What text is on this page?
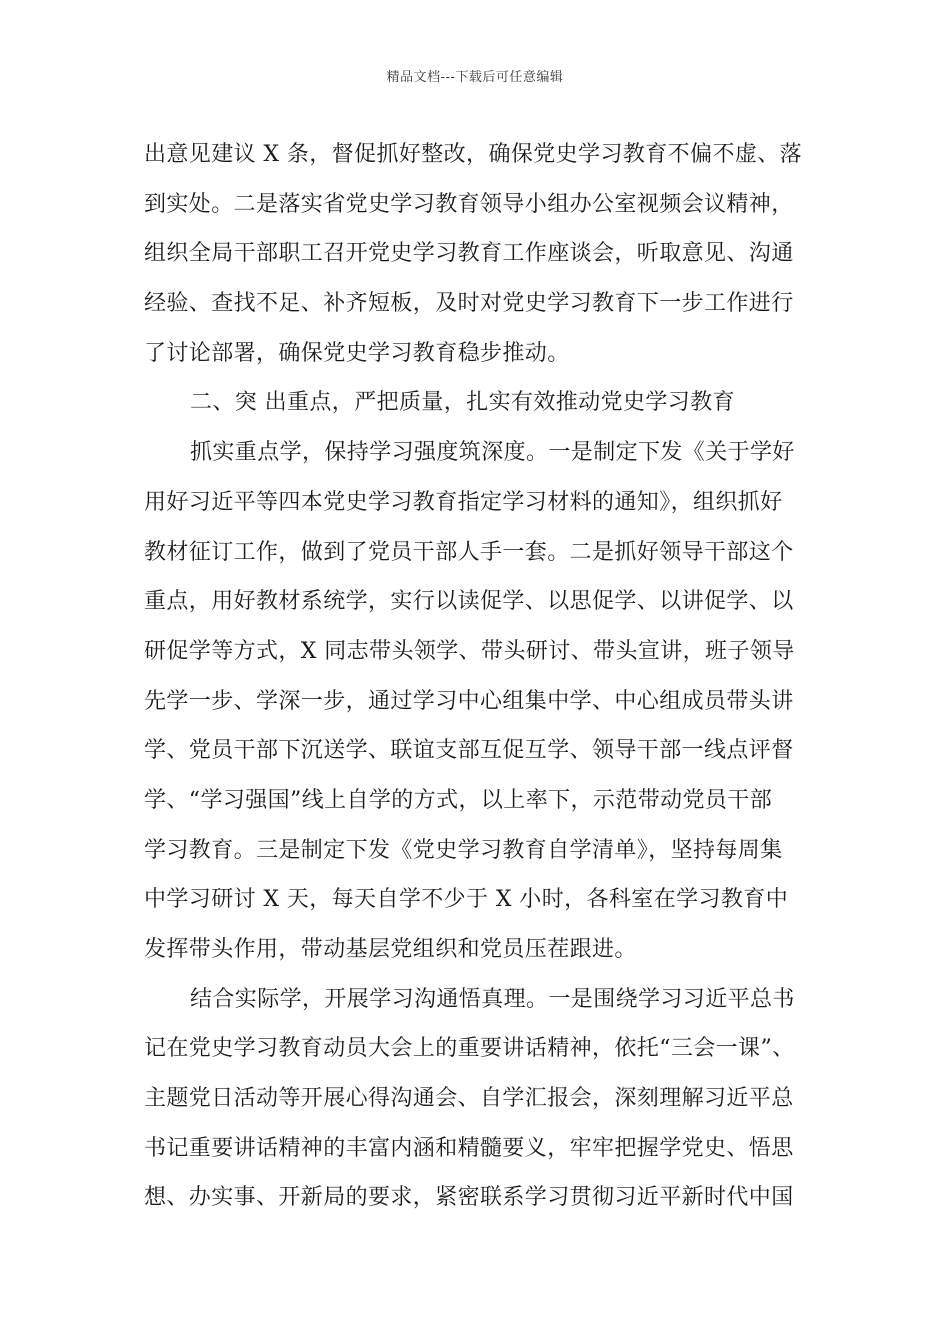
精品文档---下载后可任意编辑
出意见建议 X 条，督促抓好整改，确保党史学习教育不偏不虚、落
到实处。二是落实省党史学习教育领导小组办公室视频会议精神，
组织全局干部职工召开党史学习教育工作座谈会，听取意见、沟通
经验、查找不足、补齐短板，及时对党史学习教育下一步工作进行
了讨论部署，确保党史学习教育稳步推动。
二、突 出重点，严把质量，扎实有效推动党史学习教育
抓实重点学，保持学习强度筑深度。一是制定下发《关于学好
用好习近平等四本党史学习教育指定学习材料的通知》，组织抓好
教材征订工作，做到了党员干部人手一套。二是抓好领导干部这个
重点，用好教材系统学，实行以读促学、以思促学、以讲促学、以
研促学等方式，X 同志带头领学、带头研讨、带头宣讲，班子领导
先学一步、学深一步，通过学习中心组集中学、中心组成员带头讲
学、党员干部下沉送学、联谊支部互促互学、领导干部一线点评督
学、“学习强国”线上自学的方式，以上率下，示范带动党员干部
学习教育。三是制定下发《党史学习教育自学清单》，坚持每周集
中学习研讨 X 天，每天自学不少于 X 小时，各科室在学习教育中
发挥带头作用，带动基层党组织和党员压茬跟进。
结合实际学，开展学习沟通悟真理。一是围绕学习习近平总书
记在党史学习教育动员大会上的重要讲话精神，依托“三会一课”、
主题党日活动等开展心得沟通会、自学汇报会，深刻理解习近平总
书记重要讲话精神的丰富内涵和精髓要义，牢牢把握学党史、悟思
想、办实事、开新局的要求，紧密联系学习贯彻习近平新时代中国
